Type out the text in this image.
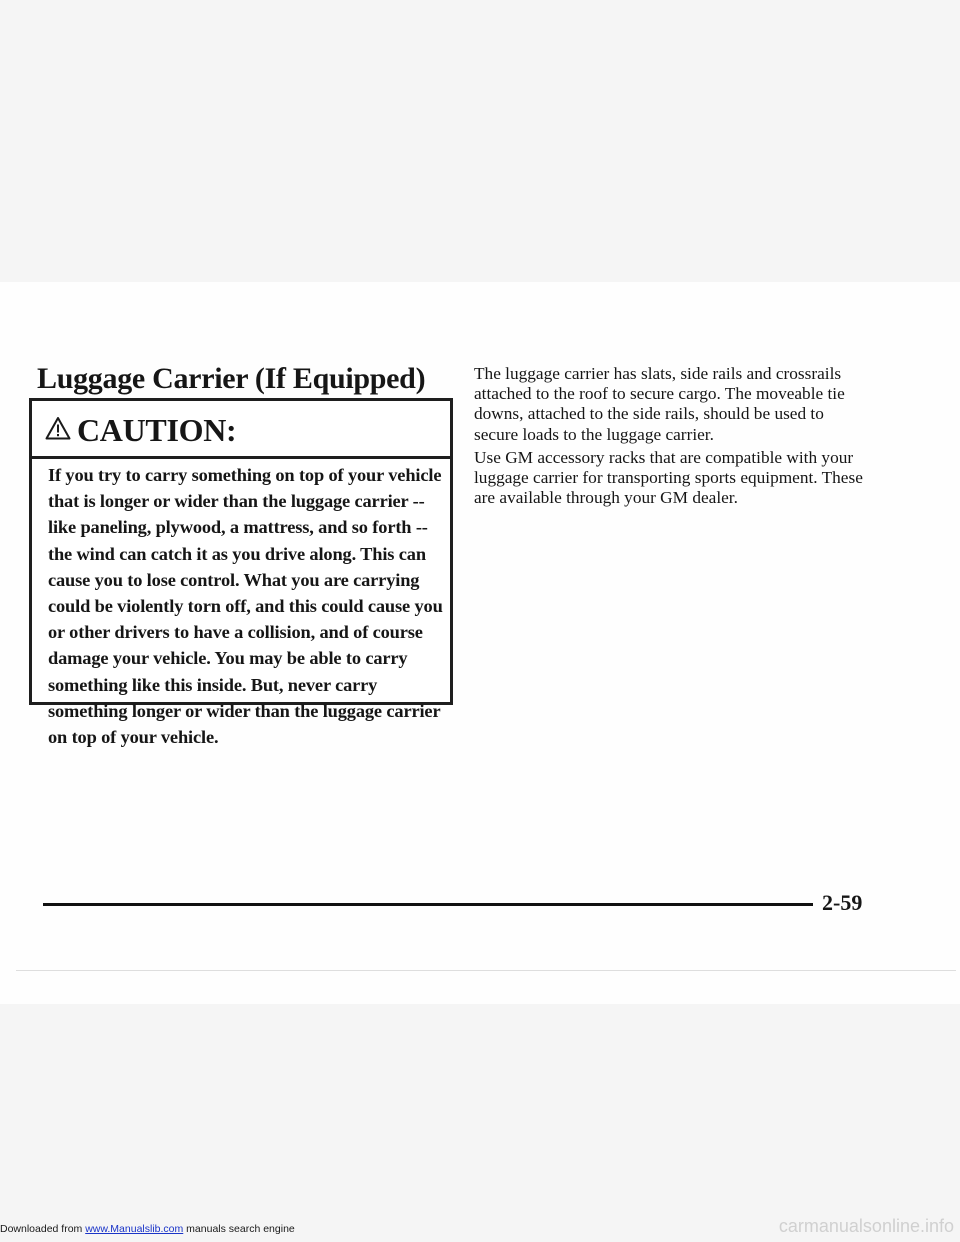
Luggage Carrier (If Equipped)
CAUTION:

If you try to carry something on top of your vehicle that is longer or wider than the luggage carrier -- like paneling, plywood, a mattress, and so forth -- the wind can catch it as you drive along. This can cause you to lose control. What you are carrying could be violently torn off, and this could cause you or other drivers to have a collision, and of course damage your vehicle. You may be able to carry something like this inside. But, never carry something longer or wider than the luggage carrier on top of your vehicle.

The luggage carrier has slats, side rails and crossrails attached to the roof to secure cargo. The moveable tie downs, attached to the side rails, should be used to secure loads to the luggage carrier.

Use GM accessory racks that are compatible with your luggage carrier for transporting sports equipment. These are available through your GM dealer.

2-59
Downloaded from www.Manualslib.com manuals search engine	carmanualsonline.info
